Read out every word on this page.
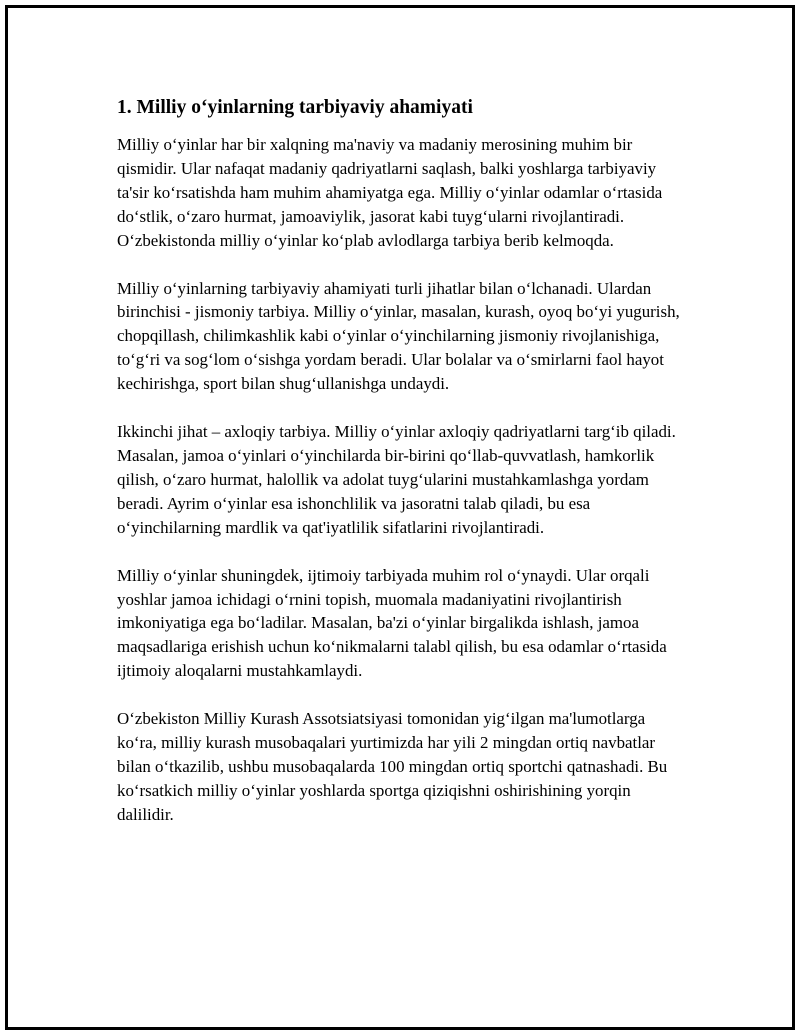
1. Milliy o‘yinlarning tarbiyaviy ahamiyati

Milliy o‘yinlar har bir xalqning ma'naviy va madaniy merosining muhim bir qismidir. Ular nafaqat madaniy qadriyatlarni saqlash, balki yoshlarga tarbiyaviy ta'sir ko‘rsatishda ham muhim ahamiyatga ega. Milliy o‘yinlar odamlar o‘rtasida do‘stlik, o‘zaro hurmat, jamoaviylik, jasorat kabi tuyg‘ularni rivojlantiradi. O‘zbekistonda milliy o‘yinlar ko‘plab avlodlarga tarbiya berib kelmoqda.

Milliy o‘yinlarning tarbiyaviy ahamiyati turli jihatlar bilan o‘lchanadi. Ulardan birinchisi - jismoniy tarbiya. Milliy o‘yinlar, masalan, kurash, oyoq bo‘yi yugurish, chopqillash, chilimkashlik kabi o‘yinlar o‘yinchilarning jismoniy rivojlanishiga, to‘g‘ri va sog‘lom o‘sishga yordam beradi. Ular bolalar va o‘smirlarni faol hayot kechirishga, sport bilan shug‘ullanishga undaydi.

Ikkinchi jihat – axloqiy tarbiya. Milliy o‘yinlar axloqiy qadriyatlarni targ‘ib qiladi. Masalan, jamoa o‘yinlari o‘yinchilarda bir-birini qo‘llab-quvvatlash, hamkorlik qilish, o‘zaro hurmat, halollik va adolat tuyg‘ularini mustahkamlashga yordam beradi. Ayrim o‘yinlar esa ishonchlilik va jasoratni talab qiladi, bu esa o‘yinchilarning mardlik va qat'iyatlilik sifatlarini rivojlantiradi.

Milliy o‘yinlar shuningdek, ijtimoiy tarbiyada muhim rol o‘ynaydi. Ular orqali yoshlar jamoa ichidagi o‘rnini topish, muomala madaniyatini rivojlantirish imkoniyatiga ega bo‘ladilar. Masalan, ba'zi o‘yinlar birgalikda ishlash, jamoa maqsadlariga erishish uchun ko‘nikmalarni talabl qilish, bu esa odamlar o‘rtasida ijtimoiy aloqalarni mustahkamlaydi.

O‘zbekiston Milliy Kurash Assotsiatsiyasi tomonidan yig‘ilgan ma'lumotlarga ko‘ra, milliy kurash musobaqalari yurtimizda har yili 2 mingdan ortiq navbatlar bilan o‘tkazilib, ushbu musobaqalarda 100 mingdan ortiq sportchi qatnashadi. Bu ko‘rsatkich milliy o‘yinlar yoshlarda sportga qiziqishni oshirishining yorqin dalilidir.
